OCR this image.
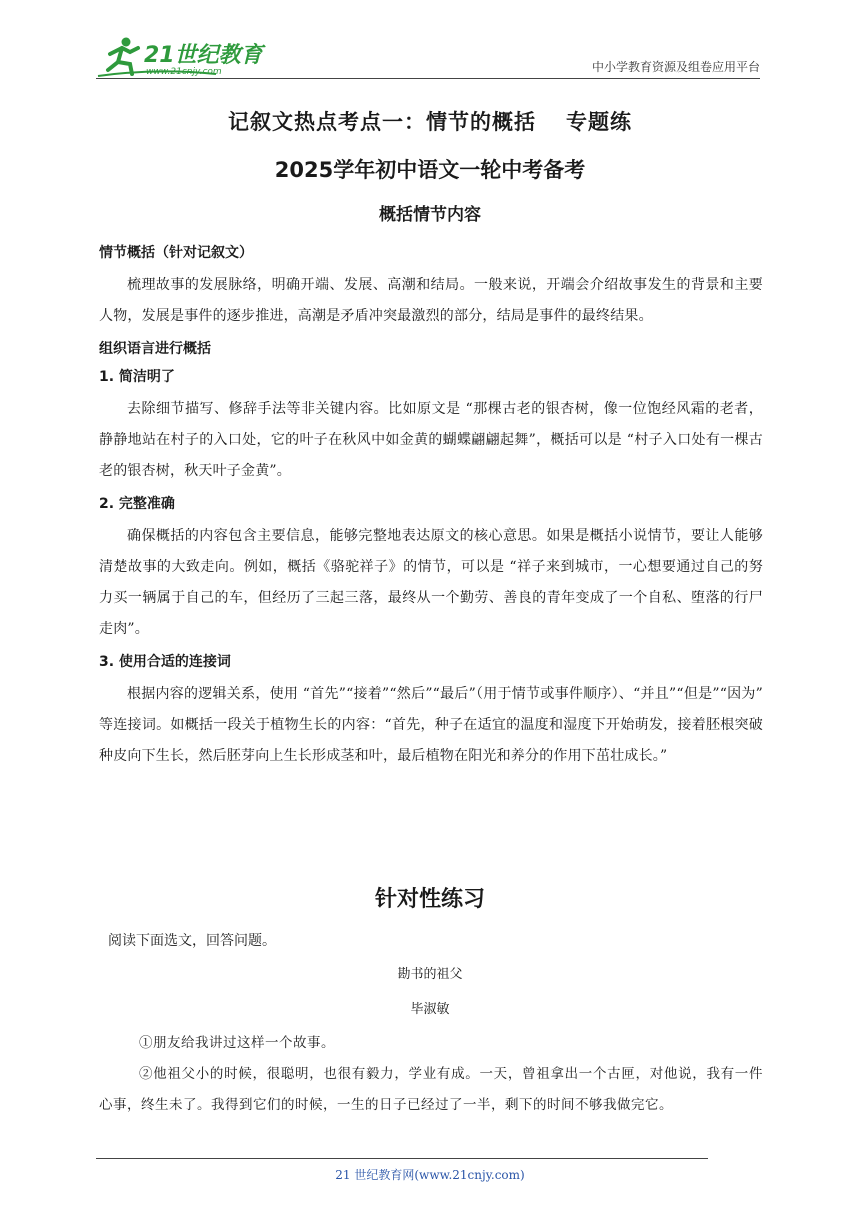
21世纪教育
www.21cnjy.com	中小学教育资源及组卷应用平台
记叙文热点考点一：情节的概括 专题练
2025学年初中语文一轮中考备考
概括情节内容
情节概括（针对记叙文）

梳理故事的发展脉络，明确开端、发展、高潮和结局。一般来说，开端会介绍故事发生的背景和主要人物，发展是事件的逐步推进，高潮是矛盾冲突最激烈的部分，结局是事件的最终结果。

组织语言进行概括
1. 简洁明了

去除细节描写、修辞手法等非关键内容。比如原文是 “那棵古老的银杏树，像一位饱经风霜的老者，静静地站在村子的入口处，它的叶子在秋风中如金黄的蝴蝶翩翩起舞”，概括可以是 “村子入口处有一棵古老的银杏树，秋天叶子金黄”。

2. 完整准确

确保概括的内容包含主要信息，能够完整地表达原文的核心意思。如果是概括小说情节，要让人能够清楚故事的大致走向。例如，概括《骆驼祥子》的情节，可以是 “祥子来到城市，一心想要通过自己的努力买一辆属于自己的车，但经历了三起三落，最终从一个勤劳、善良的青年变成了一个自私、堕落的行尸走肉”。

3. 使用合适的连接词

根据内容的逻辑关系，使用 “首先”“接着”“然后”“最后”（用于情节或事件顺序）、“并且”“但是”“因为” 等连接词。如概括一段关于植物生长的内容：“首先，种子在适宜的温度和湿度下开始萌发，接着胚根突破种皮向下生长，然后胚芽向上生长形成茎和叶，最后植物在阳光和养分的作用下茁壮成长。”

针对性练习
阅读下面选文，回答问题。
勘书的祖父
毕淑敏

①朋友给我讲过这样一个故事。

②他祖父小的时候，很聪明，也很有毅力，学业有成。一天，曾祖拿出一个古匣，对他说，我有一件心事，终生未了。我得到它们的时候，一生的日子已经过了一半，剩下的时间不够我做完它。

21 世纪教育网(www.21cnjy.com)
